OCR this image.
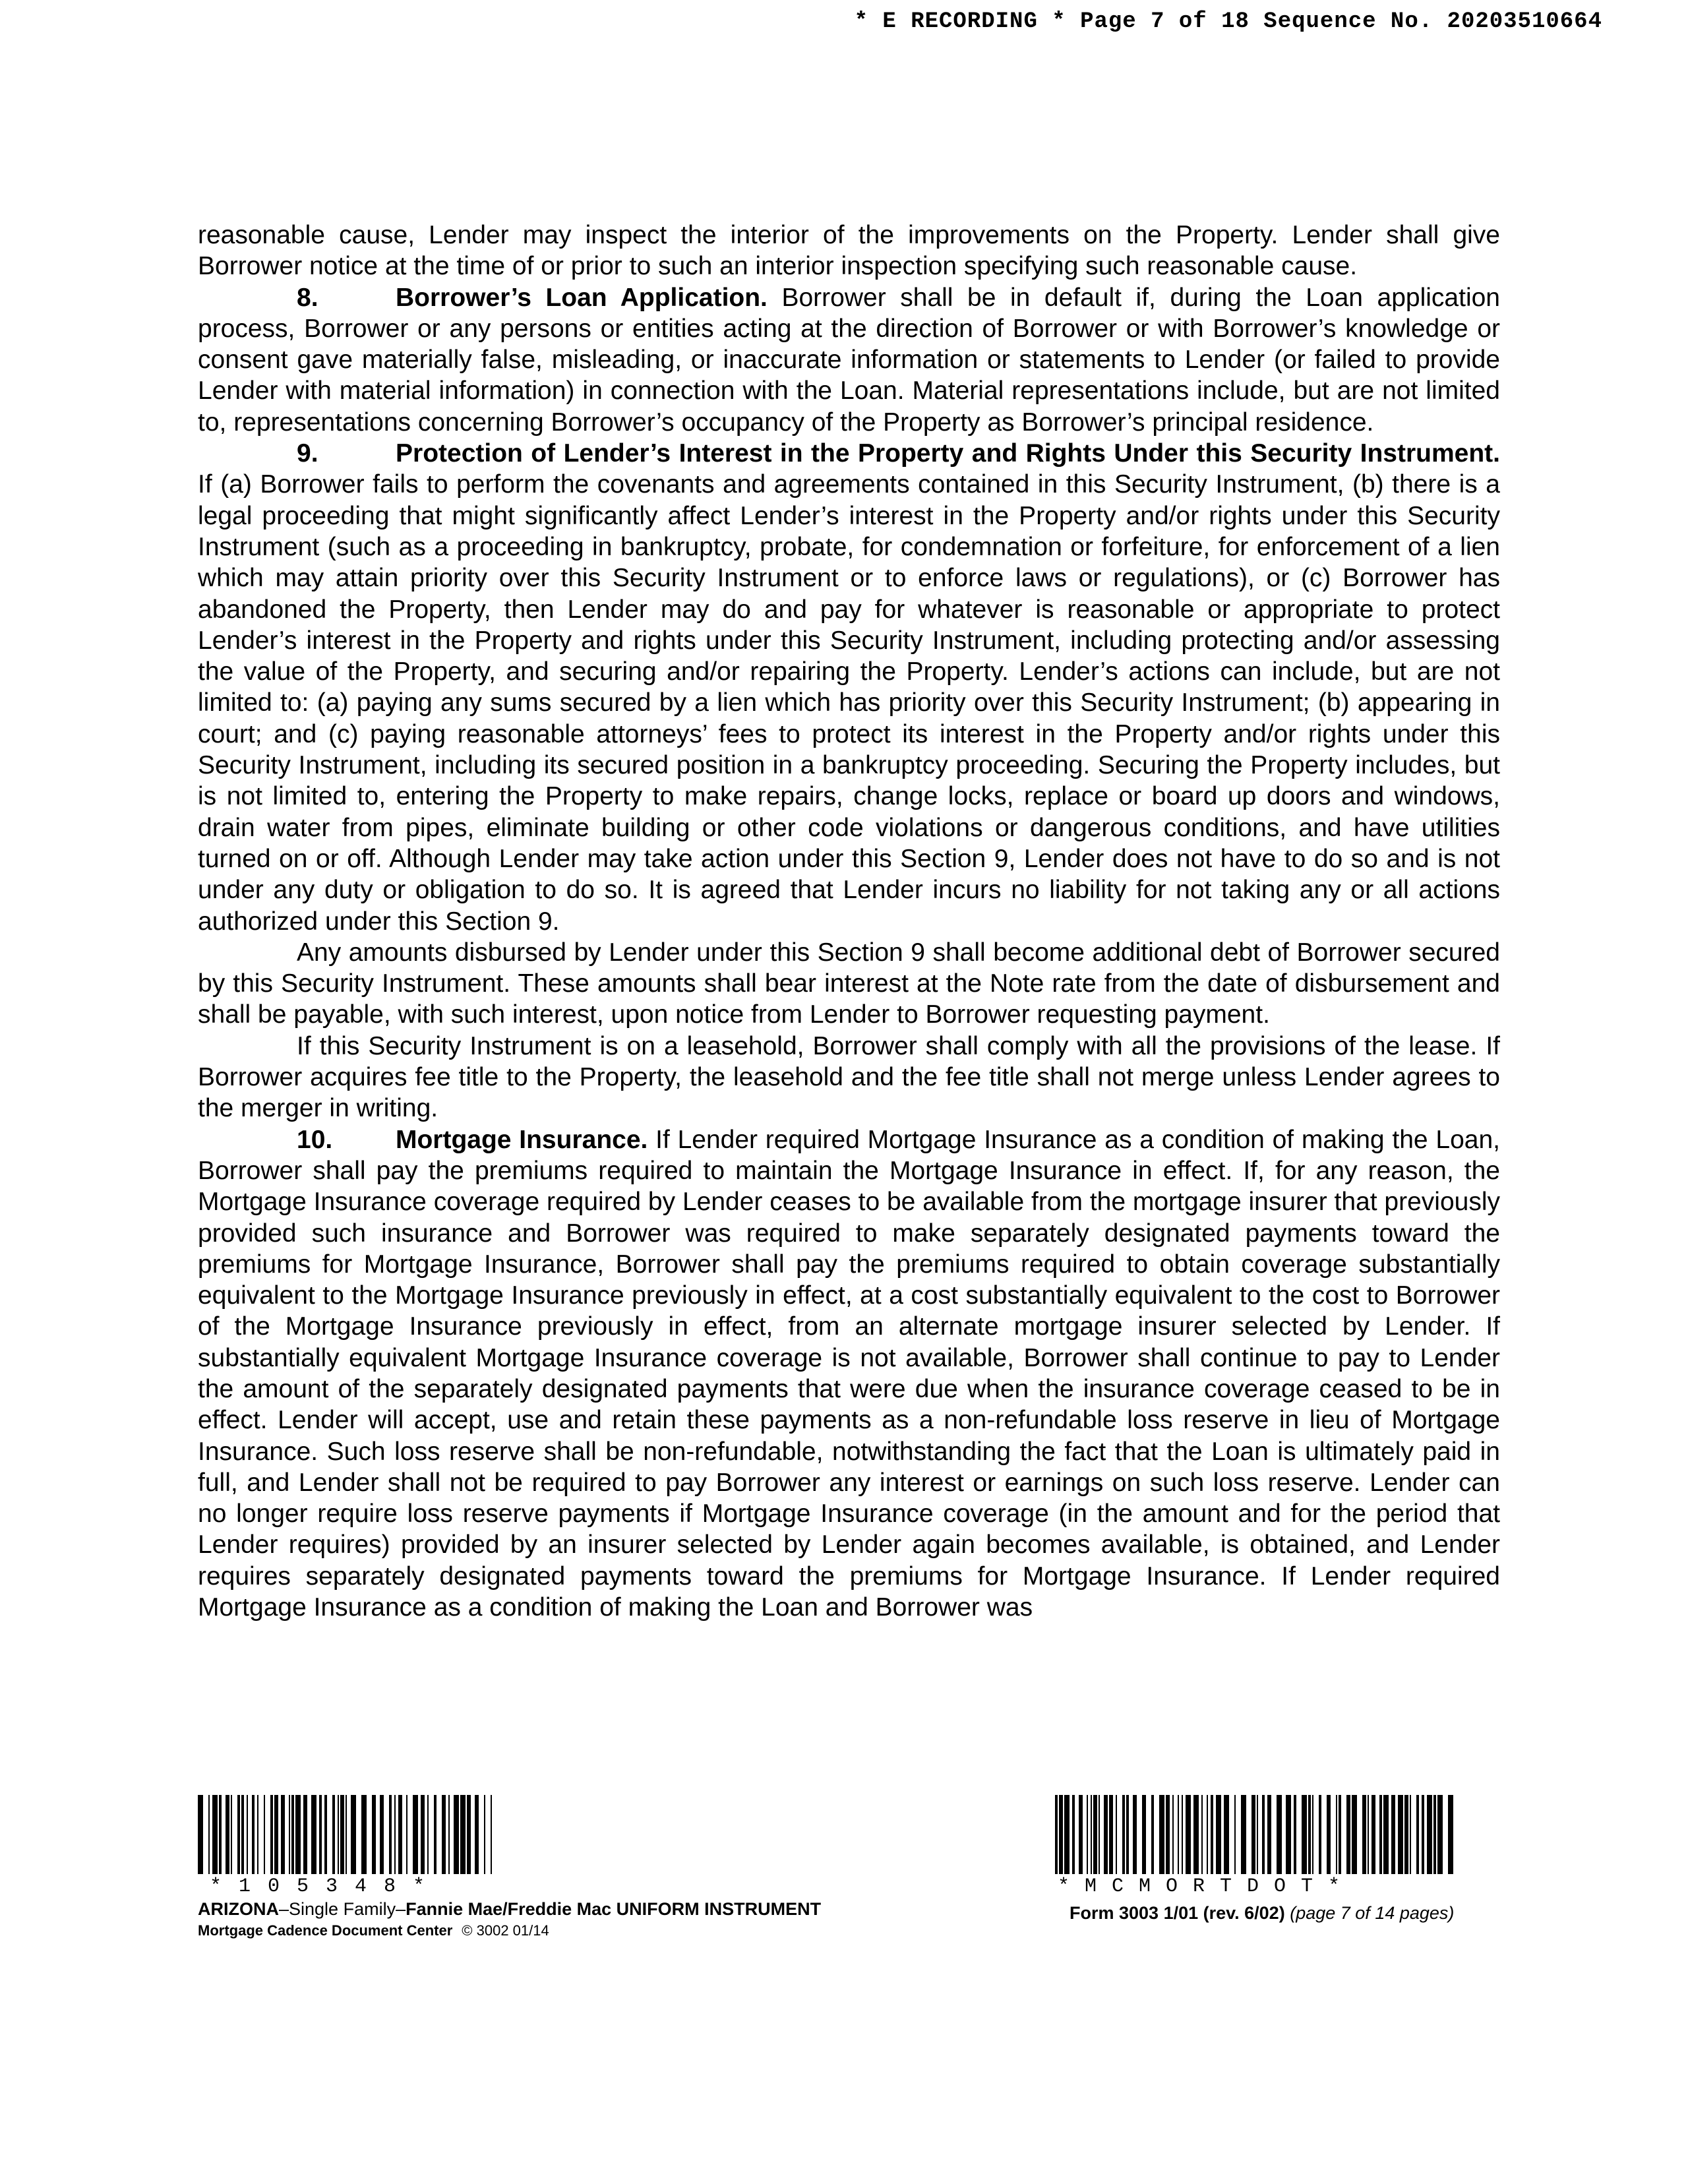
* E RECORDING * Page 7 of 18 Sequence No. 20203510664

reasonable cause, Lender may inspect the interior of the improvements on the Property. Lender shall give Borrower notice at the time of or prior to such an interior inspection specifying such reasonable cause.

8.	Borrower’s Loan Application. Borrower shall be in default if, during the Loan application process, Borrower or any persons or entities acting at the direction of Borrower or with Borrower’s knowledge or consent gave materially false, misleading, or inaccurate information or statements to Lender (or failed to provide Lender with material information) in connection with the Loan. Material representations include, but are not limited to, representations concerning Borrower’s occupancy of the Property as Borrower’s principal residence.

9.	Protection of Lender’s Interest in the Property and Rights Under this Security Instrument. If (a) Borrower fails to perform the covenants and agreements contained in this Security Instrument, (b) there is a legal proceeding that might significantly affect Lender’s interest in the Property and/or rights under this Security Instrument (such as a proceeding in bankruptcy, probate, for condemnation or forfeiture, for enforcement of a lien which may attain priority over this Security Instrument or to enforce laws or regulations), or (c) Borrower has abandoned the Property, then Lender may do and pay for whatever is reasonable or appropriate to protect Lender’s interest in the Property and rights under this Security Instrument, including protecting and/or assessing the value of the Property, and securing and/or repairing the Property. Lender’s actions can include, but are not limited to: (a) paying any sums secured by a lien which has priority over this Security Instrument; (b) appearing in court; and (c) paying reasonable attorneys’ fees to protect its interest in the Property and/or rights under this Security Instrument, including its secured position in a bankruptcy proceeding. Securing the Property includes, but is not limited to, entering the Property to make repairs, change locks, replace or board up doors and windows, drain water from pipes, eliminate building or other code violations or dangerous conditions, and have utilities turned on or off. Although Lender may take action under this Section 9, Lender does not have to do so and is not under any duty or obligation to do so. It is agreed that Lender incurs no liability for not taking any or all actions authorized under this Section 9.

Any amounts disbursed by Lender under this Section 9 shall become additional debt of Borrower secured by this Security Instrument. These amounts shall bear interest at the Note rate from the date of disbursement and shall be payable, with such interest, upon notice from Lender to Borrower requesting payment.

If this Security Instrument is on a leasehold, Borrower shall comply with all the provisions of the lease. If Borrower acquires fee title to the Property, the leasehold and the fee title shall not merge unless Lender agrees to the merger in writing.

10. Mortgage Insurance. If Lender required Mortgage Insurance as a condition of making the Loan, Borrower shall pay the premiums required to maintain the Mortgage Insurance in effect. If, for any reason, the Mortgage Insurance coverage required by Lender ceases to be available from the mortgage insurer that previously provided such insurance and Borrower was required to make separately designated payments toward the premiums for Mortgage Insurance, Borrower shall pay the premiums required to obtain coverage substantially equivalent to the Mortgage Insurance previously in effect, at a cost substantially equivalent to the cost to Borrower of the Mortgage Insurance previously in effect, from an alternate mortgage insurer selected by Lender. If substantially equivalent Mortgage Insurance coverage is not available, Borrower shall continue to pay to Lender the amount of the separately designated payments that were due when the insurance coverage ceased to be in effect. Lender will accept, use and retain these payments as a non-refundable loss reserve in lieu of Mortgage Insurance. Such loss reserve shall be non-refundable, notwithstanding the fact that the Loan is ultimately paid in full, and Lender shall not be required to pay Borrower any interest or earnings on such loss reserve. Lender can no longer require loss reserve payments if Mortgage Insurance coverage (in the amount and for the period that Lender requires) provided by an insurer selected by Lender again becomes available, is obtained, and Lender requires separately designated payments toward the premiums for Mortgage Insurance. If Lender required Mortgage Insurance as a condition of making the Loan and Borrower was

*105348*
ARIZONA–Single Family–Fannie Mae/Freddie Mac UNIFORM INSTRUMENT
Mortgage Cadence Document Center © 3002 01/14
*MCMORTDOT*
Form 3003 1/01 (rev. 6/02) (page 7 of 14 pages)
